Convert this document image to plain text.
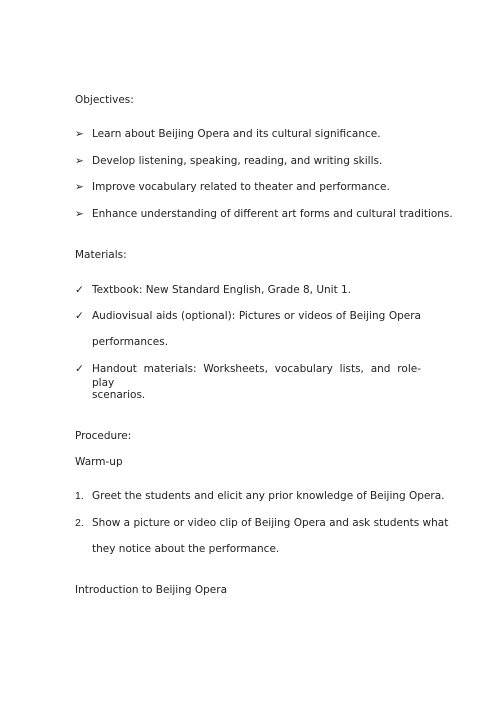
Objectives:
➢ Learn about Beijing Opera and its cultural significance.
➢ Develop listening, speaking, reading, and writing skills.
➢ Improve vocabulary related to theater and performance.
➢ Enhance understanding of different art forms and cultural traditions.
Materials:
✓ Textbook: New Standard English, Grade 8, Unit 1.
✓ Audiovisual aids (optional): Pictures or videos of Beijing Opera
performances.
✓ Handout materials: Worksheets, vocabulary lists, and role-play
scenarios.
Procedure:
Warm-up
1. Greet the students and elicit any prior knowledge of Beijing Opera.
2. Show a picture or video clip of Beijing Opera and ask students what
they notice about the performance.
Introduction to Beijing Opera
